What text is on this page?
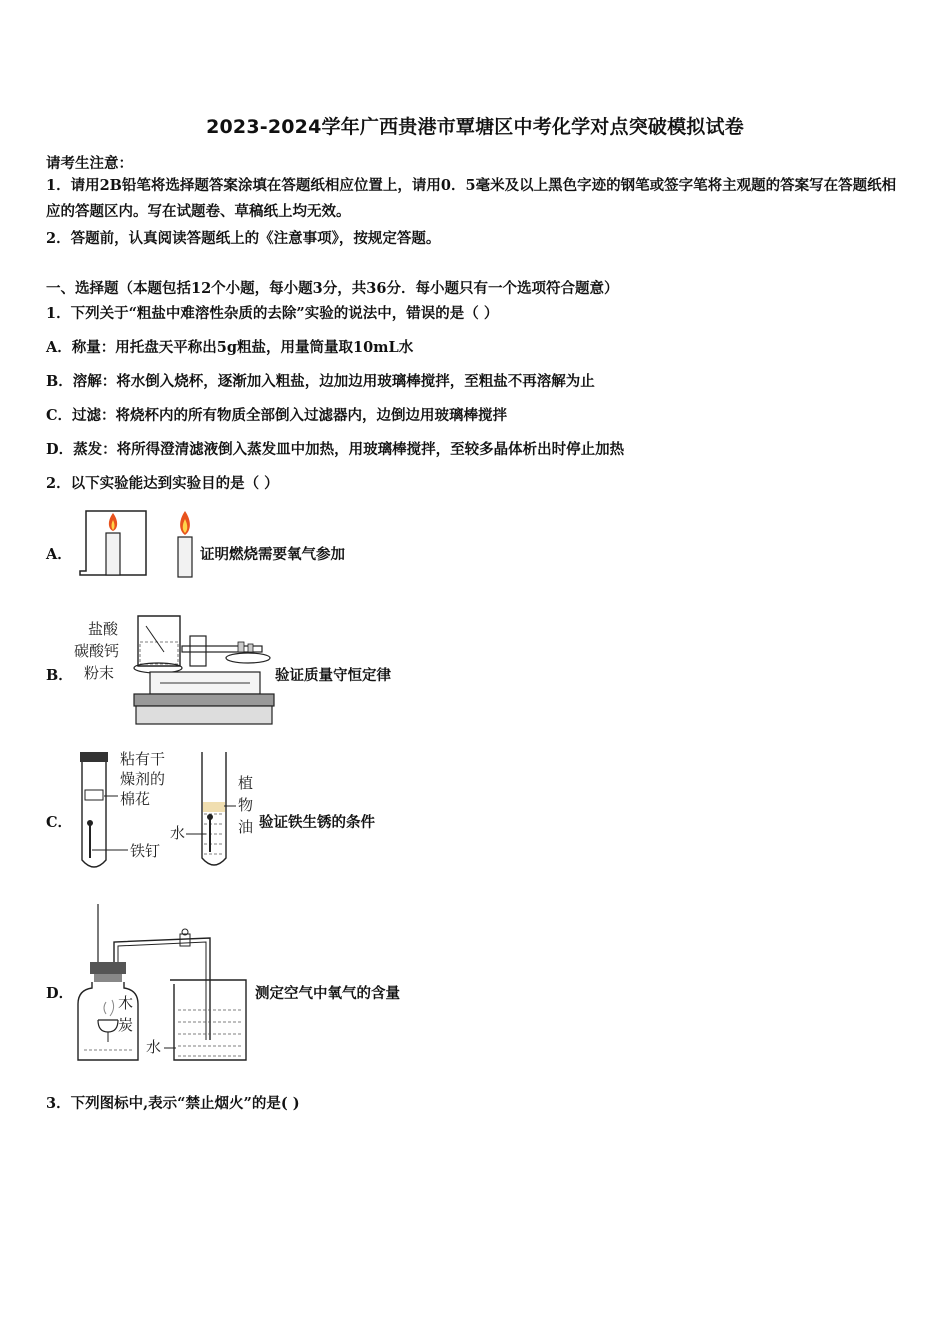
2023-2024学年广西贵港市覃塘区中考化学对点突破模拟试卷
请考生注意：
1．请用2B铅笔将选择题答案涂填在答题纸相应位置上，请用0．5毫米及以上黑色字迹的钢笔或签字笔将主观题的答案写在答题纸相应的答题区内。写在试题卷、草稿纸上均无效。
2．答题前，认真阅读答题纸上的《注意事项》，按规定答题。
一、选择题（本题包括12个小题，每小题3分，共36分．每小题只有一个选项符合题意）
1．下列关于“粗盐中难溶性杂质的去除”实验的说法中，错误的是（ ）
A．称量：用托盘天平称出5g粗盐，用量筒量取10mL水
B．溶解：将水倒入烧杯，逐渐加入粗盐，边加边用玻璃棒搅拌，至粗盐不再溶解为止
C．过滤：将烧杯内的所有物质全部倒入过滤器内，边倒边用玻璃棒搅拌
D．蒸发：将所得澄清滤液倒入蒸发皿中加热，用玻璃棒搅拌，至较多晶体析出时停止加热
2．以下实验能达到实验目的是（ ）
A．	证明燃烧需要氧气参加
B．
盐酸
碳酸钙
粉末	验证质量守恒定律
C．
粘有干
燥剂的
棉花
铁钉
水
植
物
油 验证铁生锈的条件
D．
木
炭
水
测定空气中氧气的含量
3．下列图标中,表示“禁止烟火”的是( )
